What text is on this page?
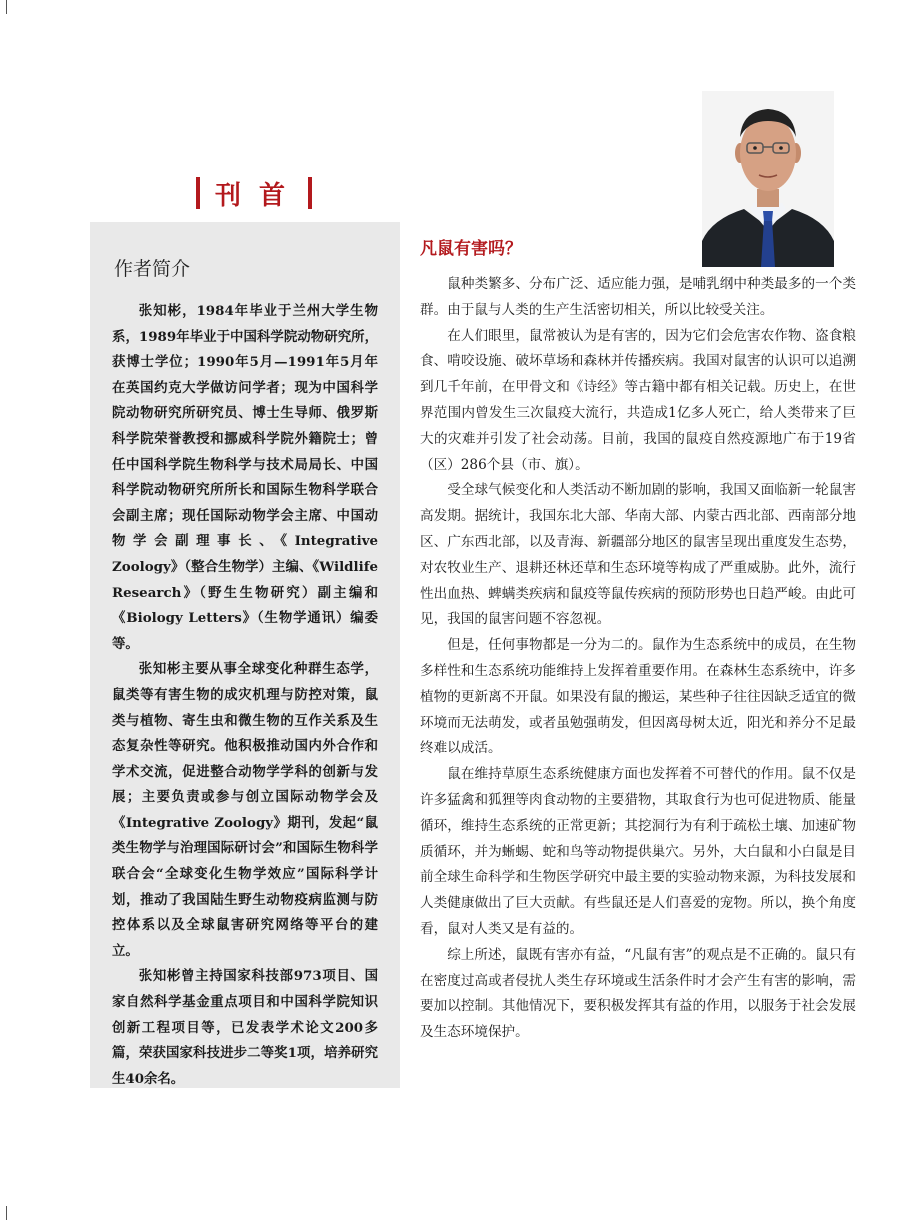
刊首
作者简介

张知彬，1984年毕业于兰州大学生物系，1989年毕业于中国科学院动物研究所，获博士学位；1990年5月—1991年5月年在英国约克大学做访问学者；现为中国科学院动物研究所研究员、博士生导师、俄罗斯科学院荣誉教授和挪威科学院外籍院士；曾任中国科学院生物科学与技术局局长、中国科学院动物研究所所长和国际生物科学联合会副主席；现任国际动物学会主席、中国动物学会副理事长、《Integrative Zoology》（整合生物学）主编、《Wildlife Research》（野生生物研究）副主编和《Biology Letters》（生物学通讯）编委等。

张知彬主要从事全球变化种群生态学，鼠类等有害生物的成灾机理与防控对策，鼠类与植物、寄生虫和微生物的互作关系及生态复杂性等研究。他积极推动国内外合作和学术交流，促进整合动物学学科的创新与发展；主要负责或参与创立国际动物学会及《Integrative Zoology》期刊，发起“鼠类生物学与治理国际研讨会”和国际生物科学联合会“全球变化生物学效应”国际科学计划，推动了我国陆生野生动物疫病监测与防控体系以及全球鼠害研究网络等平台的建立。

张知彬曾主持国家科技部973项目、国家自然科学基金重点项目和中国科学院知识创新工程项目等，已发表学术论文200多篇，荣获国家科技进步二等奖1项，培养研究生40余名。

凡鼠有害吗？

鼠种类繁多、分布广泛、适应能力强，是哺乳纲中种类最多的一个类群。由于鼠与人类的生产生活密切相关，所以比较受关注。

在人们眼里，鼠常被认为是有害的，因为它们会危害农作物、盗食粮食、啃咬设施、破坏草场和森林并传播疾病。我国对鼠害的认识可以追溯到几千年前，在甲骨文和《诗经》等古籍中都有相关记载。历史上，在世界范围内曾发生三次鼠疫大流行，共造成1亿多人死亡，给人类带来了巨大的灾难并引发了社会动荡。目前，我国的鼠疫自然疫源地广布于19省（区）286个县（市、旗）。

受全球气候变化和人类活动不断加剧的影响，我国又面临新一轮鼠害高发期。据统计，我国东北大部、华南大部、内蒙古西北部、西南部分地区、广东西北部，以及青海、新疆部分地区的鼠害呈现出重度发生态势，对农牧业生产、退耕还林还草和生态环境等构成了严重威胁。此外，流行性出血热、蜱螨类疾病和鼠疫等鼠传疾病的预防形势也日趋严峻。由此可见，我国的鼠害问题不容忽视。

但是，任何事物都是一分为二的。鼠作为生态系统中的成员，在生物多样性和生态系统功能维持上发挥着重要作用。在森林生态系统中，许多植物的更新离不开鼠。如果没有鼠的搬运，某些种子往往因缺乏适宜的微环境而无法萌发，或者虽勉强萌发，但因离母树太近，阳光和养分不足最终难以成活。

鼠在维持草原生态系统健康方面也发挥着不可替代的作用。鼠不仅是许多猛禽和狐狸等肉食动物的主要猎物，其取食行为也可促进物质、能量循环，维持生态系统的正常更新；其挖洞行为有利于疏松土壤、加速矿物质循环，并为蜥蜴、蛇和鸟等动物提供巢穴。另外，大白鼠和小白鼠是目前全球生命科学和生物医学研究中最主要的实验动物来源，为科技发展和人类健康做出了巨大贡献。有些鼠还是人们喜爱的宠物。所以，换个角度看，鼠对人类又是有益的。

综上所述，鼠既有害亦有益，“凡鼠有害”的观点是不正确的。鼠只有在密度过高或者侵扰人类生存环境或生活条件时才会产生有害的影响，需要加以控制。其他情况下，要积极发挥其有益的作用，以服务于社会发展及生态环境保护。
